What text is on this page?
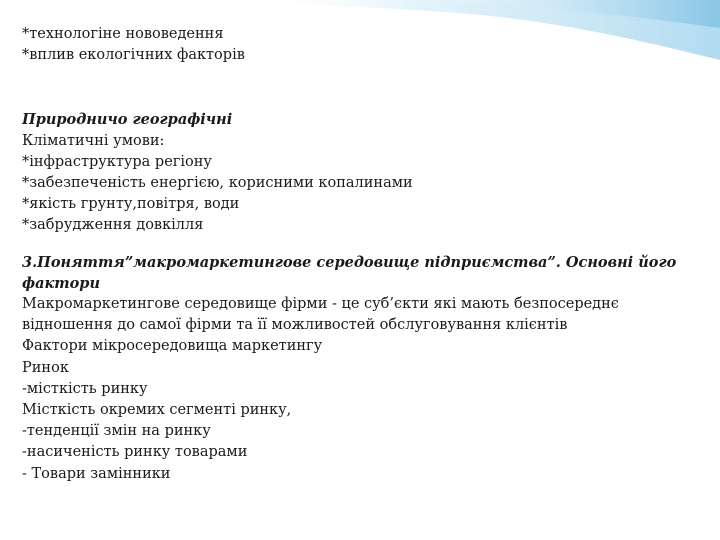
*технологіне нововедення
*вплив екологічних факторів
Природничо географічні
Кліматичні умови:
*інфраструктура регіону
*забезпеченість енергією, корисними копалинами
*якість грунту,повітря, води
*забрудження довкілля
3.Поняття”макромаркетингове середовище підприємства”. Основні його фактори
Макромаркетингове середовище фірми - це суб’єкти які мають безпосереднє відношення до самої фірми та її можливостей обслуговування клієнтів
Фактори мікросередовища маркетингу
Ринок
-місткість ринку
Місткість окремих сегменті ринку,
-тенденції змін на ринку
-насиченість ринку товарами
- Товари замінники
